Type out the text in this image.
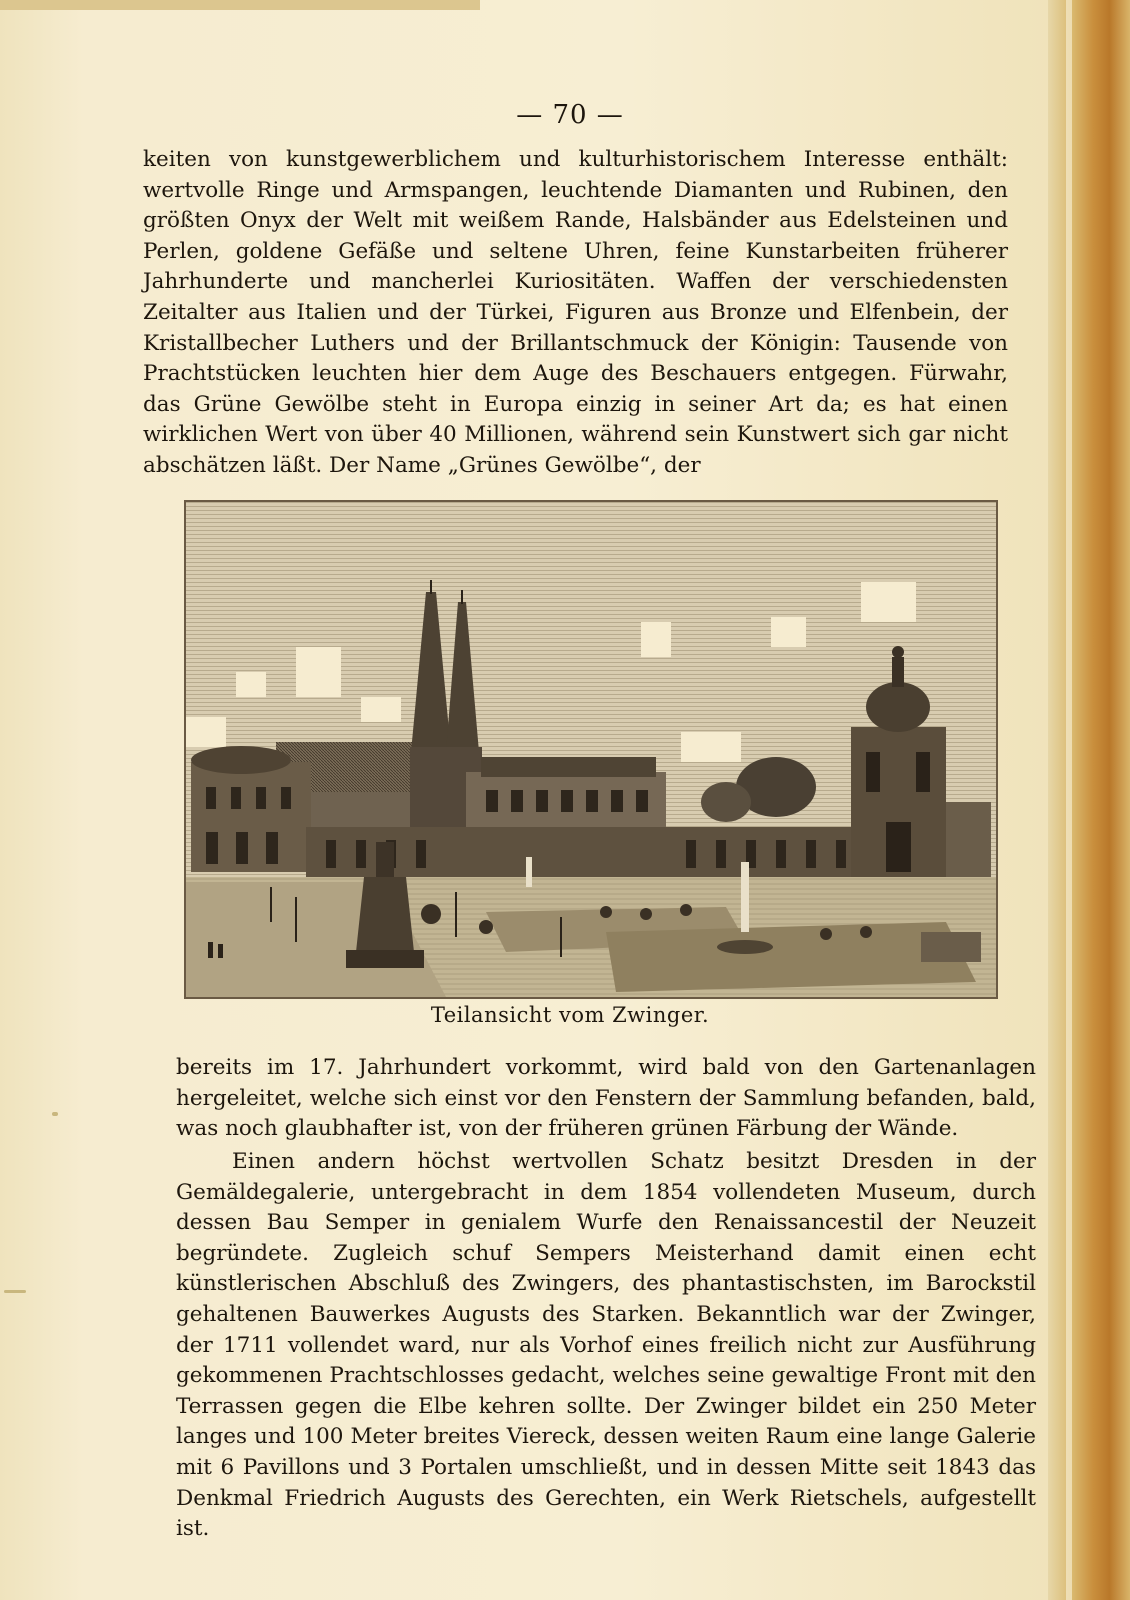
— 70 —

keiten von kunstgewerblichem und kulturhistorischem Interesse enthält: wertvolle Ringe und Armspangen, leuchtende Diamanten und Rubinen, den größten Onyx der Welt mit weißem Rande, Halsbänder aus Edelsteinen und Perlen, goldene Gefäße und seltene Uhren, feine Kunstarbeiten früherer Jahrhunderte und mancherlei Kuriositäten. Waffen der verschiedensten Zeitalter aus Italien und der Türkei, Figuren aus Bronze und Elfenbein, der Kristallbecher Luthers und der Brillantschmuck der Königin: Tausende von Prachtstücken leuchten hier dem Auge des Beschauers entgegen. Fürwahr, das Grüne Gewölbe steht in Europa einzig in seiner Art da; es hat einen wirklichen Wert von über 40 Millionen, während sein Kunstwert sich gar nicht abschätzen läßt. Der Name „Grünes Gewölbe“, der

Teilansicht vom Zwinger.

bereits im 17. Jahrhundert vorkommt, wird bald von den Gartenanlagen hergeleitet, welche sich einst vor den Fenstern der Sammlung befanden, bald, was noch glaubhafter ist, von der früheren grünen Färbung der Wände.

Einen andern höchst wertvollen Schatz besitzt Dresden in der Gemäldegalerie, untergebracht in dem 1854 vollendeten Museum, durch dessen Bau Semper in genialem Wurfe den Renaissancestil der Neuzeit begründete. Zugleich schuf Sempers Meisterhand damit einen echt künstlerischen Abschluß des Zwingers, des phantastischsten, im Barockstil gehaltenen Bauwerkes Augusts des Starken. Bekanntlich war der Zwinger, der 1711 vollendet ward, nur als Vorhof eines freilich nicht zur Ausführung gekommenen Prachtschlosses gedacht, welches seine gewaltige Front mit den Terrassen gegen die Elbe kehren sollte. Der Zwinger bildet ein 250 Meter langes und 100 Meter breites Viereck, dessen weiten Raum eine lange Galerie mit 6 Pavillons und 3 Portalen umschließt, und in dessen Mitte seit 1843 das Denkmal Friedrich Augusts des Gerechten, ein Werk Rietschels, aufgestellt ist.
